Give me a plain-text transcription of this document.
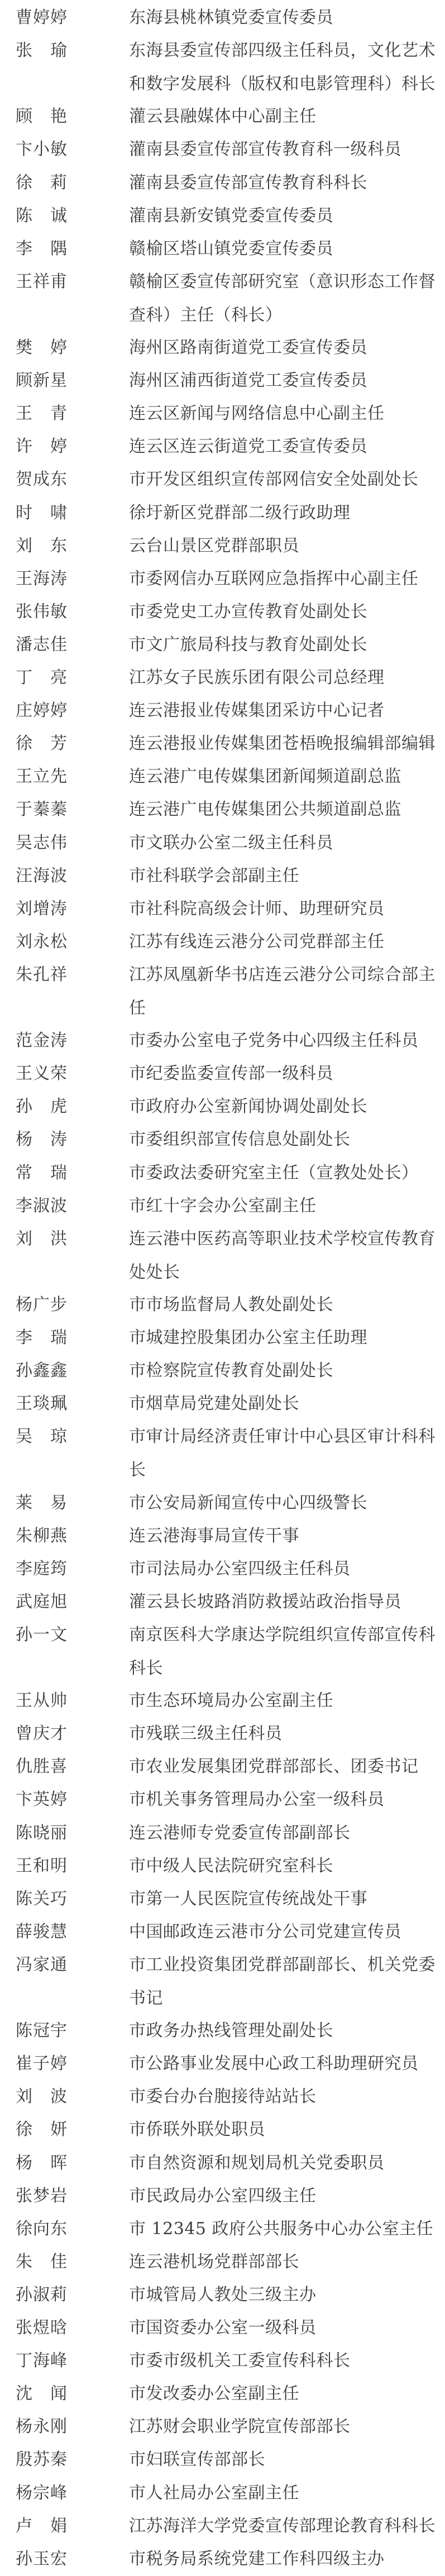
曹婷婷	东海县桃林镇党委宣传委员
张　瑜	东海县委宣传部四级主任科员，文化艺术和数字发展科（版权和电影管理科）科长
顾　艳	灌云县融媒体中心副主任
卞小敏	灌南县委宣传部宣传教育科一级科员
徐　莉	灌南县委宣传部宣传教育科科长
陈　诚	灌南县新安镇党委宣传委员
李　隅	赣榆区塔山镇党委宣传委员
王祥甫	赣榆区委宣传部研究室（意识形态工作督查科）主任（科长）
樊　婷	海州区路南街道党工委宣传委员
顾新星	海州区浦西街道党工委宣传委员
王　青	连云区新闻与网络信息中心副主任
许　婷	连云区连云街道党工委宣传委员
贺成东	市开发区组织宣传部网信安全处副处长
时　啸	徐圩新区党群部二级行政助理
刘　东	云台山景区党群部职员
王海涛	市委网信办互联网应急指挥中心副主任
张伟敏	市委党史工办宣传教育处副处长
潘志佳	市文广旅局科技与教育处副处长
丁　亮	江苏女子民族乐团有限公司总经理
庄婷婷	连云港报业传媒集团采访中心记者
徐　芳	连云港报业传媒集团苍梧晚报编辑部编辑
王立先	连云港广电传媒集团新闻频道副总监
于蓁蓁	连云港广电传媒集团公共频道副总监
吴志伟	市文联办公室二级主任科员
汪海波	市社科联学会部副主任
刘增涛	市社科院高级会计师、助理研究员
刘永松	江苏有线连云港分公司党群部主任
朱孔祥	江苏凤凰新华书店连云港分公司综合部主任
范金涛	市委办公室电子党务中心四级主任科员
王义荣	市纪委监委宣传部一级科员
孙　虎	市政府办公室新闻协调处副处长
杨　涛	市委组织部宣传信息处副处长
常　瑞	市委政法委研究室主任（宣教处处长）
李淑波	市红十字会办公室副主任
刘　洪	连云港中医药高等职业技术学校宣传教育处处长
杨广步	市市场监督局人教处副处长
李　瑞	市城建控股集团办公室主任助理
孙鑫鑫	市检察院宣传教育处副处长
王琰珮	市烟草局党建处副处长
吴　琼	市审计局经济责任审计中心县区审计科科长
莱　易	市公安局新闻宣传中心四级警长
朱柳燕	连云港海事局宣传干事
李庭筠	市司法局办公室四级主任科员
武庭旭	灌云县长坡路消防救援站政治指导员
孙一文	南京医科大学康达学院组织宣传部宣传科科长
王从帅	市生态环境局办公室副主任
曾庆才	市残联三级主任科员
仇胜喜	市农业发展集团党群部部长、团委书记
卞英婷	市机关事务管理局办公室一级科员
陈晓丽	连云港师专党委宣传部副部长
王和明	市中级人民法院研究室科长
陈关巧	市第一人民医院宣传统战处干事
薛骏慧	中国邮政连云港市分公司党建宣传员
冯家通	市工业投资集团党群部副部长、机关党委书记
陈冠宇	市政务办热线管理处副处长
崔子婷	市公路事业发展中心政工科助理研究员
刘　波	市委台办台胞接待站站长
徐　妍	市侨联外联处职员
杨　晖	市自然资源和规划局机关党委职员
张梦岩	市民政局办公室四级主任
徐向东	市 12345 政府公共服务中心办公室主任
朱　佳	连云港机场党群部部长
孙淑莉	市城管局人教处三级主办
张煜晗	市国资委办公室一级科员
丁海峰	市委市级机关工委宣传科科长
沈　闻	市发改委办公室副主任
杨永刚	江苏财会职业学院宣传部部长
殷苏秦	市妇联宣传部部长
杨宗峰	市人社局办公室副主任
卢　娟	江苏海洋大学党委宣传部理论教育科科长
孙玉宏	市税务局系统党建工作科四级主办
